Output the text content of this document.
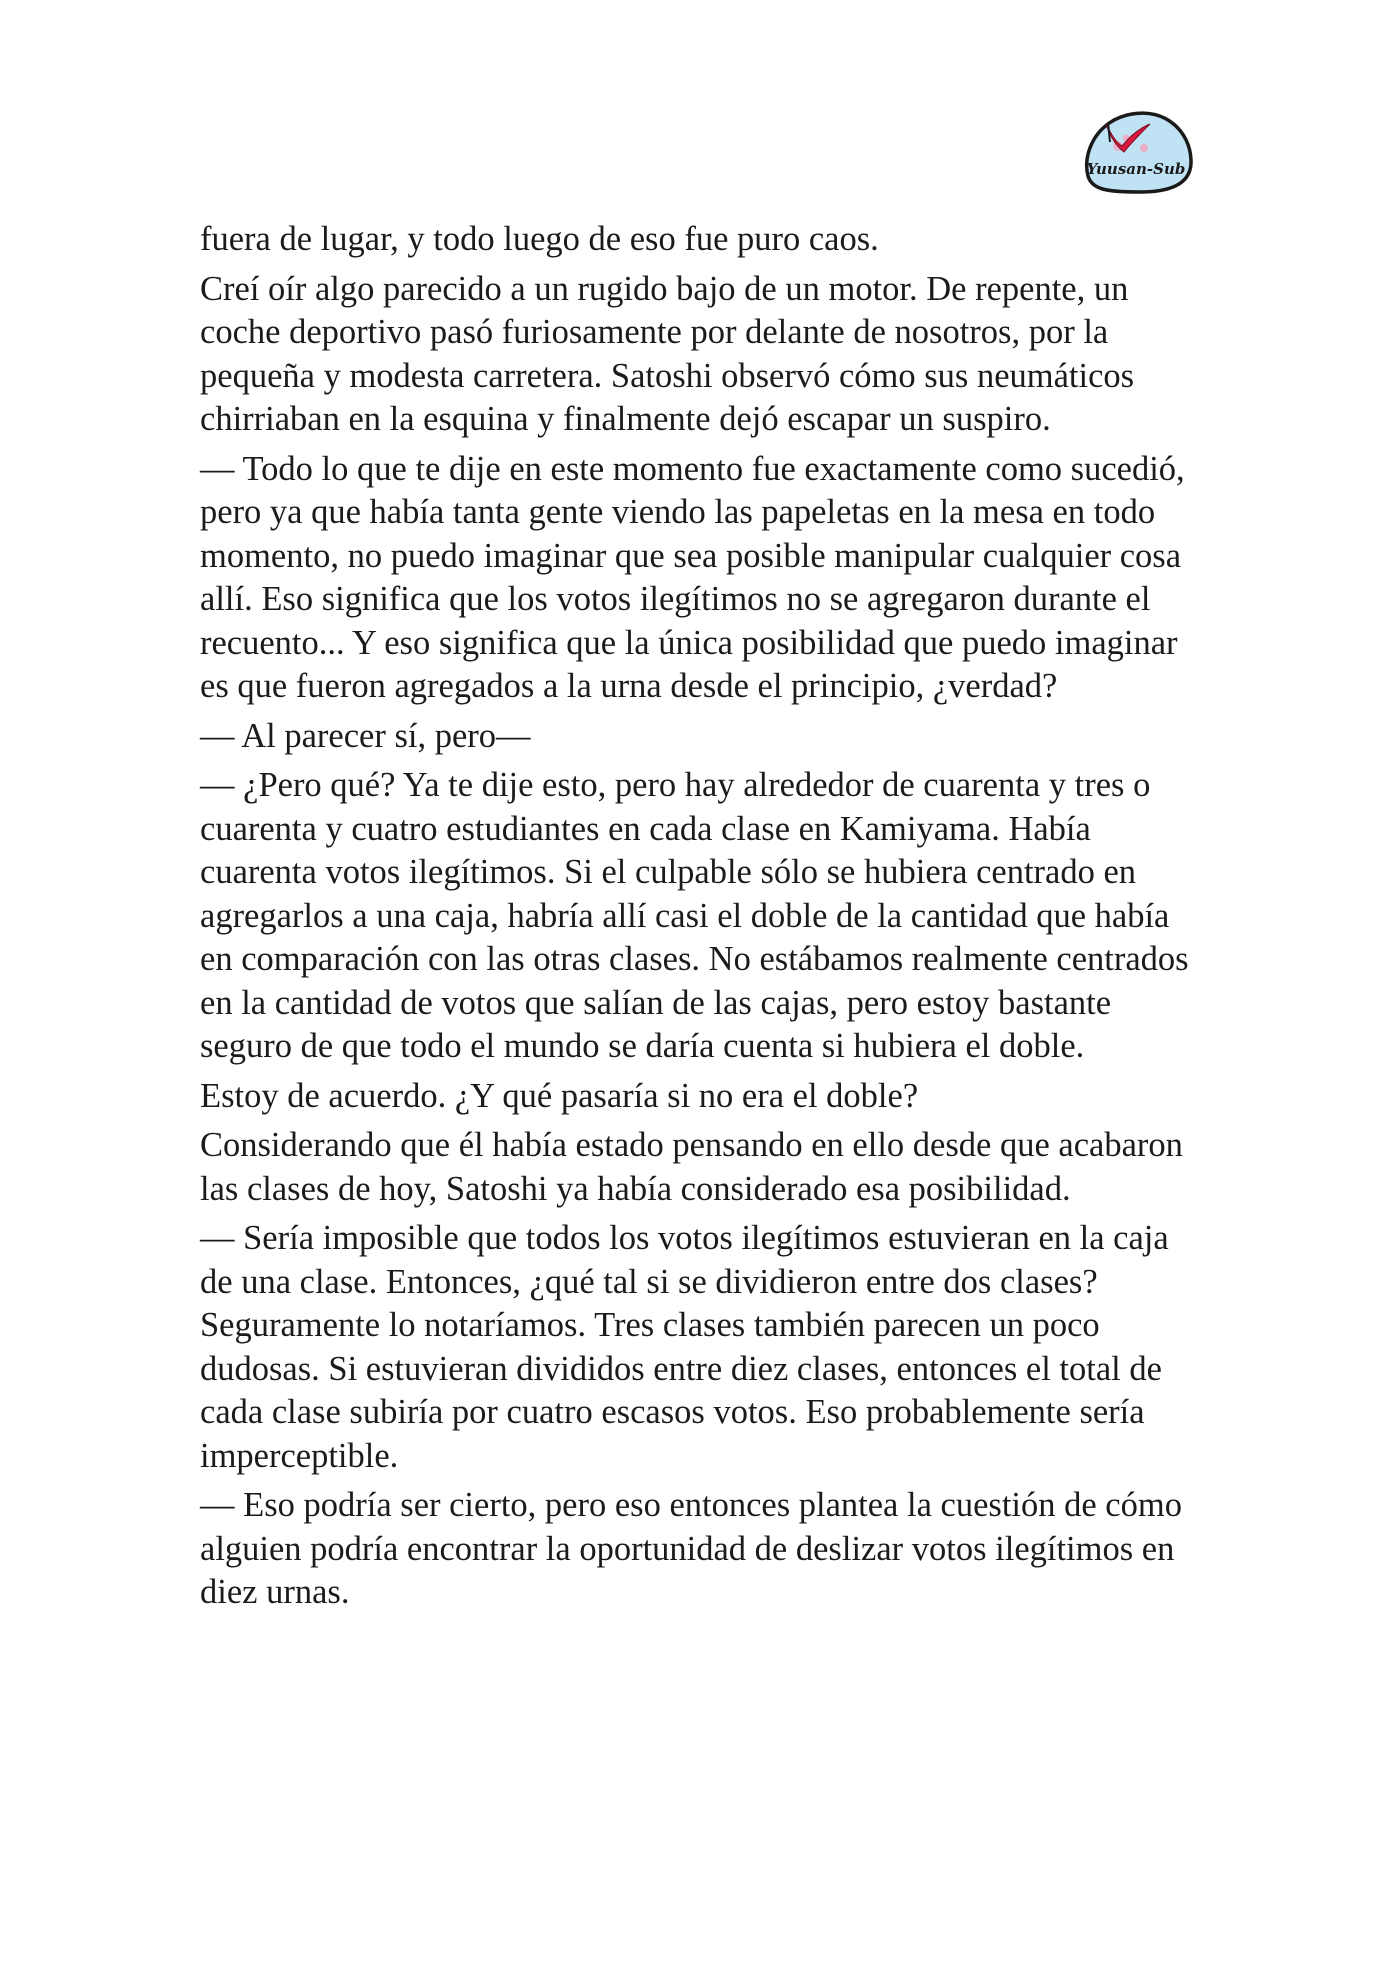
Yuusan-Sub

fuera de lugar, y todo luego de eso fue puro caos.

Creí oír algo parecido a un rugido bajo de un motor. De repente, un coche deportivo pasó furiosamente por delante de nosotros, por la pequeña y modesta carretera. Satoshi observó cómo sus neumáticos chirriaban en la esquina y finalmente dejó escapar un suspiro.

— Todo lo que te dije en este momento fue exactamente como sucedió, pero ya que había tanta gente viendo las papeletas en la mesa en todo momento, no puedo imaginar que sea posible manipular cualquier cosa allí. Eso significa que los votos ilegítimos no se agregaron durante el recuento... Y eso significa que la única posibilidad que puedo imaginar es que fueron agregados a la urna desde el principio, ¿verdad?

— Al parecer sí, pero—

— ¿Pero qué? Ya te dije esto, pero hay alrededor de cuarenta y tres o cuarenta y cuatro estudiantes en cada clase en Kamiyama. Había cuarenta votos ilegítimos. Si el culpable sólo se hubiera centrado en agregarlos a una caja, habría allí casi el doble de la cantidad que había en comparación con las otras clases. No estábamos realmente centrados en la cantidad de votos que salían de las cajas, pero estoy bastante seguro de que todo el mundo se daría cuenta si hubiera el doble.

Estoy de acuerdo. ¿Y qué pasaría si no era el doble?

Considerando que él había estado pensando en ello desde que acabaron las clases de hoy, Satoshi ya había considerado esa posibilidad.

— Sería imposible que todos los votos ilegítimos estuvieran en la caja de una clase. Entonces, ¿qué tal si se dividieron entre dos clases? Seguramente lo notaríamos. Tres clases también parecen un poco dudosas. Si estuvieran divididos entre diez clases, entonces el total de cada clase subiría por cuatro escasos votos. Eso probablemente sería imperceptible.

— Eso podría ser cierto, pero eso entonces plantea la cuestión de cómo alguien podría encontrar la oportunidad de deslizar votos ilegítimos en diez urnas.
